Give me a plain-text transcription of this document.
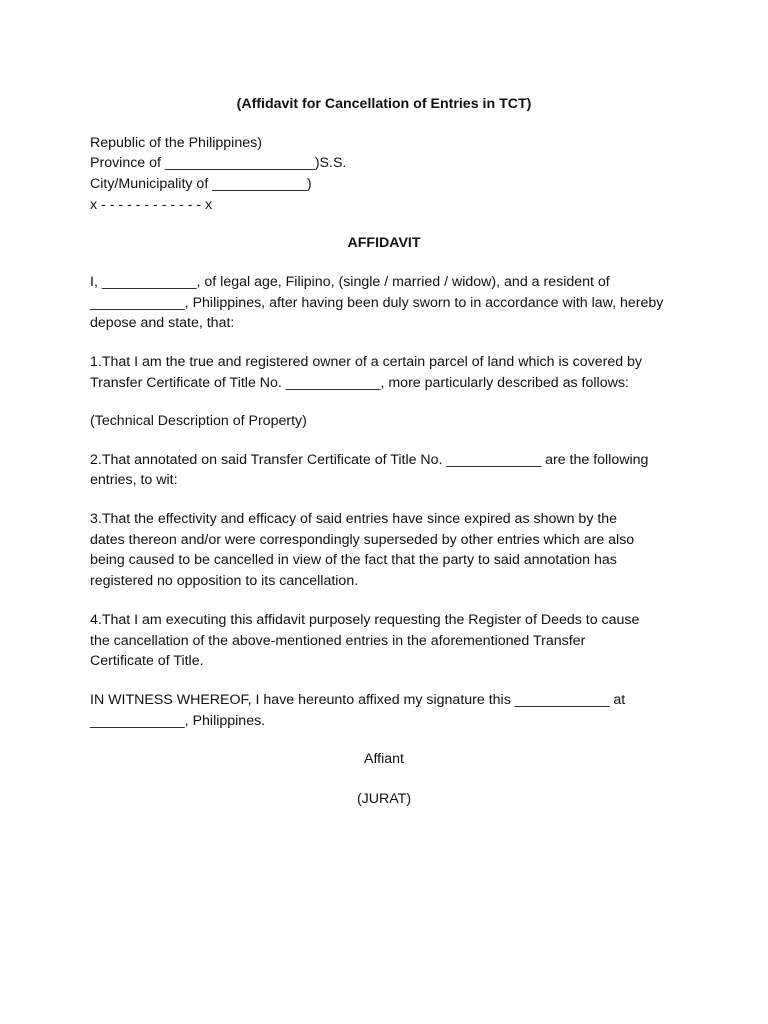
(Affidavit for Cancellation of Entries in TCT)
Republic of the Philippines)
Province of ___________________)S.S.
City/Municipality of ____________)
x - - - - - - - - - - - - x
AFFIDAVIT
I, ____________, of legal age, Filipino, (single / married / widow), and a resident of
____________, Philippines, after having been duly sworn to in accordance with law, hereby
depose and state, that:
1.That I am the true and registered owner of a certain parcel of land which is covered by
Transfer Certificate of Title No. ____________, more particularly described as follows:
(Technical Description of Property)
2.That annotated on said Transfer Certificate of Title No. ____________ are the following
entries, to wit:
3.That the effectivity and efficacy of said entries have since expired as shown by the
dates thereon and/or were correspondingly superseded by other entries which are also
being caused to be cancelled in view of the fact that the party to said annotation has
registered no opposition to its cancellation.
4.That I am executing this affidavit purposely requesting the Register of Deeds to cause
the cancellation of the above-mentioned entries in the aforementioned Transfer
Certificate of Title.
IN WITNESS WHEREOF, I have hereunto affixed my signature this ____________ at
____________, Philippines.
Affiant
(JURAT)
